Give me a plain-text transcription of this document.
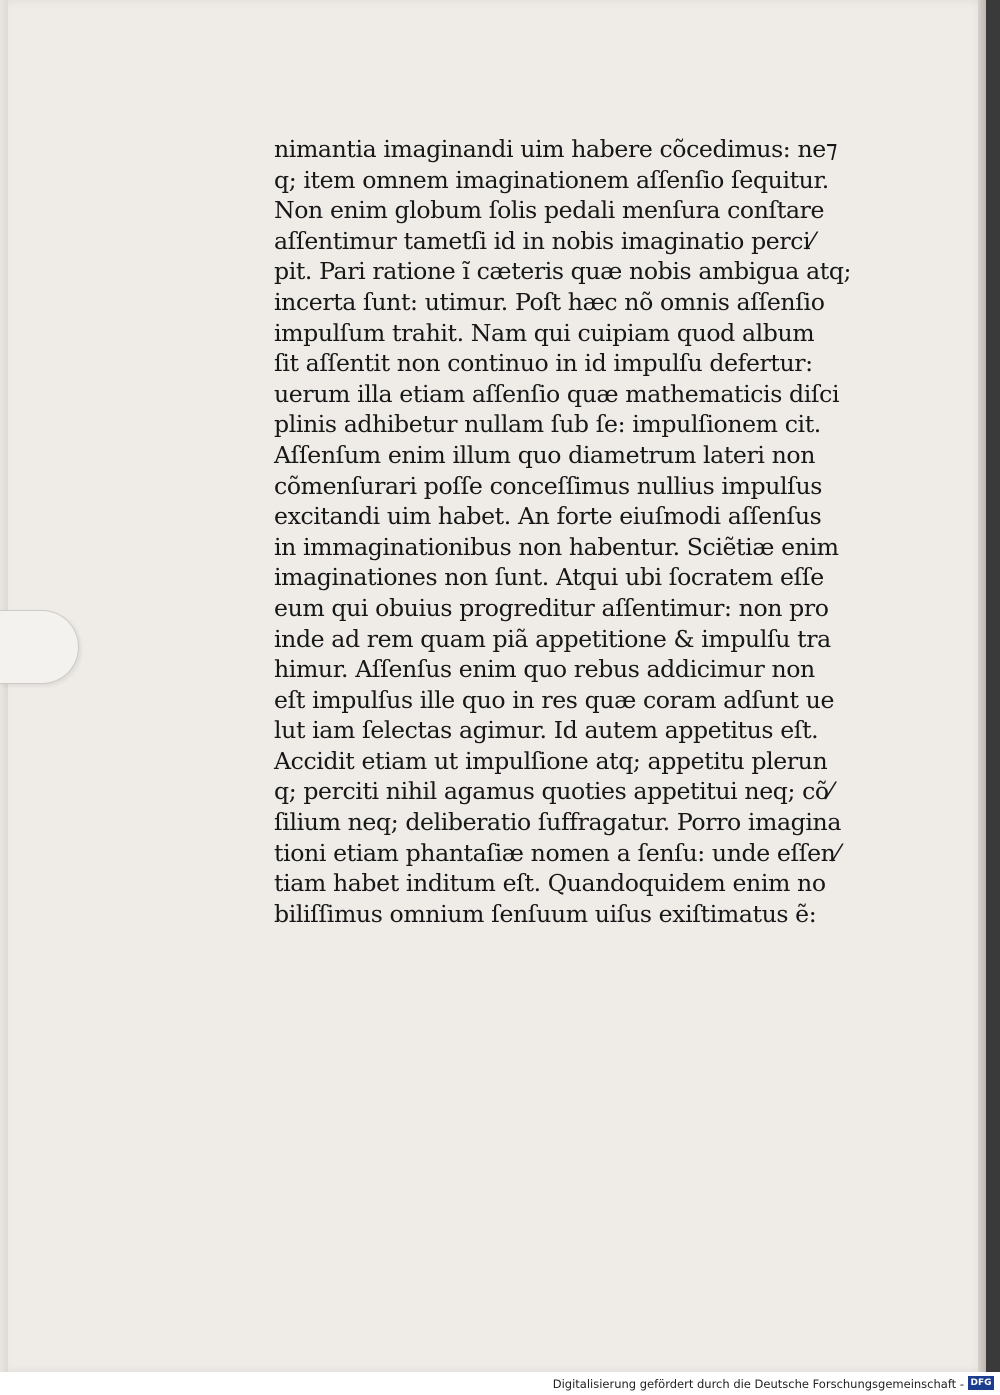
nimantia imaginandi uim habere cõcedimus: ne⁊
q; item omnem imaginationem aſſenſio ſequitur.
Non enim globum ſolis pedali menſura conſtare
aſſentimur tametſi id in nobis imaginatio perci⁄
pit. Pari ratione ĩ cæteris quæ nobis ambigua atq;
incerta ſunt: utimur. Poſt hæc nõ omnis aſſenſio
impulſum trahit. Nam qui cuipiam quod album
ſit aſſentit non continuo in id impulſu defertur:
uerum illa etiam aſſenſio quæ mathematicis diſci
plinis adhibetur nullam ſub ſe: impulſionem cit.
Aſſenſum enim illum quo diametrum lateri non
cõmenſurari poſſe conceſſimus nullius impulſus
excitandi uim habet. An forte eiuſmodi aſſenſus
in immaginationibus non habentur. Sciẽtiæ enim
imaginationes non ſunt. Atqui ubi ſocratem eſſe
eum qui obuius progreditur aſſentimur: non pro
inde ad rem quam piã appetitione & impulſu tra
himur. Aſſenſus enim quo rebus addicimur non
eſt impulſus ille quo in res quæ coram adſunt ue
lut iam ſelectas agimur. Id autem appetitus eſt.
Accidit etiam ut impulſione atq; appetitu plerun
q; perciti nihil agamus quoties appetitui neq; cõ⁄
ſilium neq; deliberatio ſuffragatur. Porro imagina
tioni etiam phantaſiæ nomen a ſenſu: unde eſſen⁄
tiam habet inditum eſt. Quandoquidem enim no
biliſſimus omnium ſenſuum uiſus exiſtimatus ẽ:
Digitalisierung gefördert durch die Deutsche Forschungsgemeinschaft - DFG
